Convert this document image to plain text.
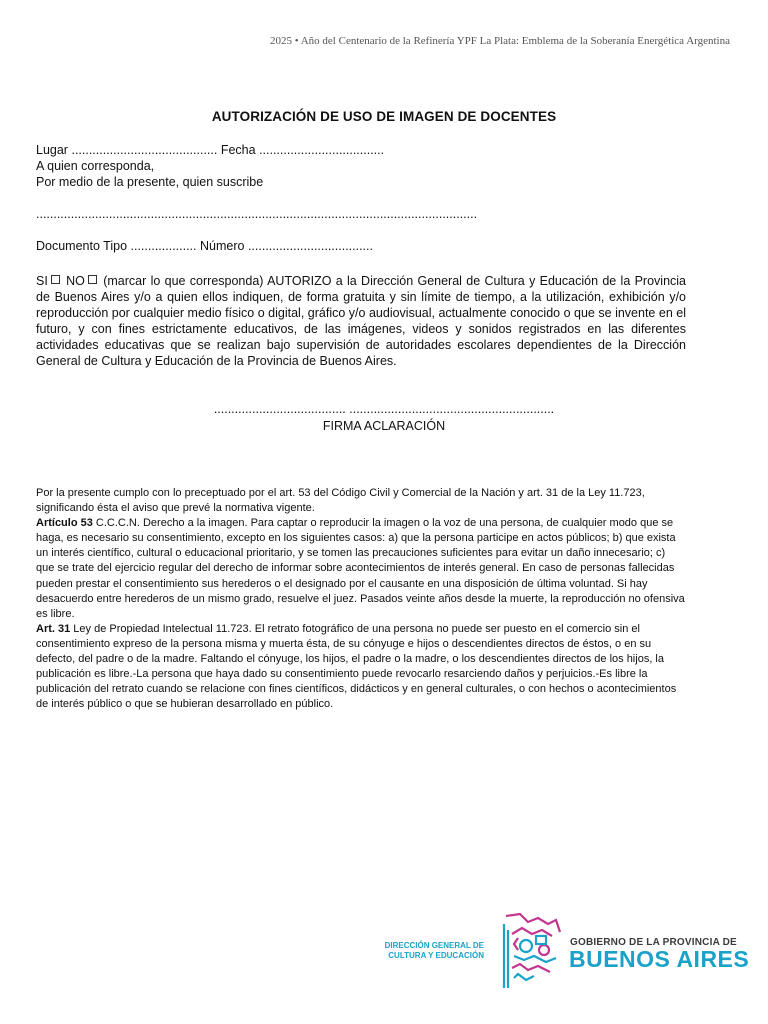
2025 • Año del Centenario de la Refinería YPF La Plata: Emblema de la Soberanía Energética Argentina
AUTORIZACIÓN DE USO DE IMAGEN DE DOCENTES
Lugar .......................................... Fecha ....................................
A quien corresponda,
Por medio de la presente, quien suscribe
...............................................................................................................................
Documento Tipo ................... Número ....................................
SI NO (marcar lo que corresponda) AUTORIZO a la Dirección General de Cultura y Educación de la Provincia de Buenos Aires y/o a quien ellos indiquen, de forma gratuita y sin límite de tiempo, a la utilización, exhibición y/o reproducción por cualquier medio físico o digital, gráfico y/o audiovisual, actualmente conocido o que se invente en el futuro, y con fines estrictamente educativos, de las imágenes, videos y sonidos registrados en las diferentes actividades educativas que se realizan bajo supervisión de autoridades escolares dependientes de la Dirección General de Cultura y Educación de la Provincia de Buenos Aires.
...................................... ...........................................................
FIRMA ACLARACIÓN

Por la presente cumplo con lo preceptuado por el art. 53 del Código Civil y Comercial de la Nación y art. 31 de la Ley 11.723, significando ésta el aviso que prevé la normativa vigente.

Artículo 53 C.C.C.N. Derecho a la imagen. Para captar o reproducir la imagen o la voz de una persona, de cualquier modo que se haga, es necesario su consentimiento, excepto en los siguientes casos: a) que la persona participe en actos públicos; b) que exista un interés científico, cultural o educacional prioritario, y se tomen las precauciones suficientes para evitar un daño innecesario; c) que se trate del ejercicio regular del derecho de informar sobre acontecimientos de interés general. En caso de personas fallecidas pueden prestar el consentimiento sus herederos o el designado por el causante en una disposición de última voluntad. Si hay desacuerdo entre herederos de un mismo grado, resuelve el juez. Pasados veinte años desde la muerte, la reproducción no ofensiva es libre.

Art. 31 Ley de Propiedad Intelectual 11.723. El retrato fotográfico de una persona no puede ser puesto en el comercio sin el consentimiento expreso de la persona misma y muerta ésta, de su cónyuge e hijos o descendientes directos de éstos, o en su defecto, del padre o de la madre. Faltando el cónyuge, los hijos, el padre o la madre, o los descendientes directos de los hijos, la publicación es libre.-La persona que haya dado su consentimiento puede revocarlo resarciendo daños y perjuicios.-Es libre la publicación del retrato cuando se relacione con fines científicos, didácticos y en general culturales, o con hechos o acontecimientos de interés público o que se hubieran desarrollado en público.

DIRECCIÓN GENERAL DE
CULTURA Y EDUCACIÓN
GOBIERNO DE LA PROVINCIA DE
BUENOS AIRES
